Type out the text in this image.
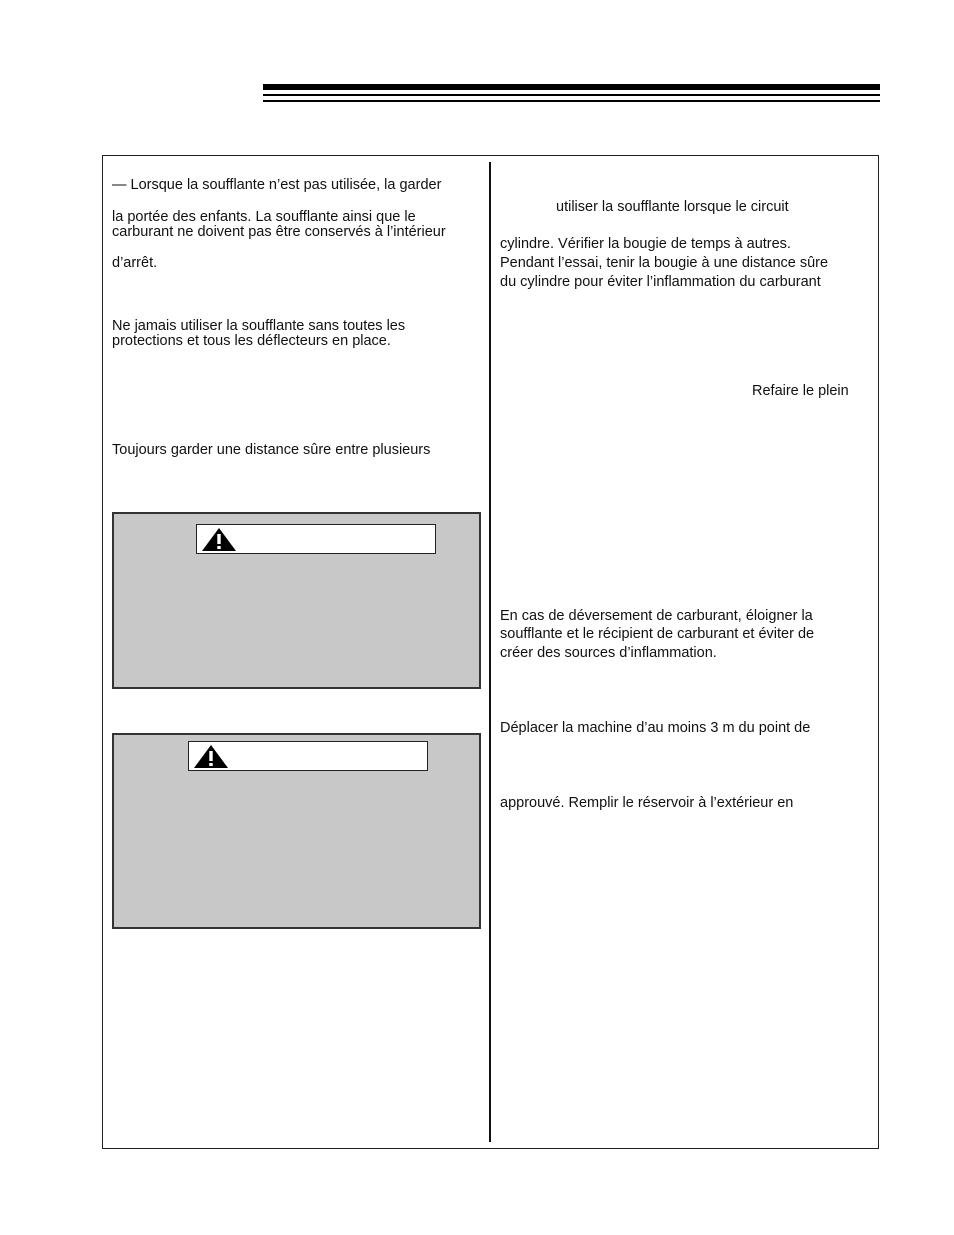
— Lorsque la soufflante n’est pas utilisée, la garder

la portée des enfants. La soufflante ainsi que le

carburant ne doivent pas être conservés à l’intérieur

d’arrêt.

Ne jamais utiliser la soufflante sans toutes les

protections et tous les déflecteurs en place.

Toujours garder une distance sûre entre plusieurs

utiliser la soufflante lorsque le circuit

cylindre. Vérifier la bougie de temps à autres.

Pendant l’essai, tenir la bougie à une distance sûre

du cylindre pour éviter l’inflammation du carburant

Refaire le plein

En cas de déversement de carburant, éloigner la

soufflante et le récipient de carburant et éviter de

créer des sources d’inflammation.

Déplacer la machine d’au moins 3 m du point de

approuvé. Remplir le réservoir à l’extérieur en
